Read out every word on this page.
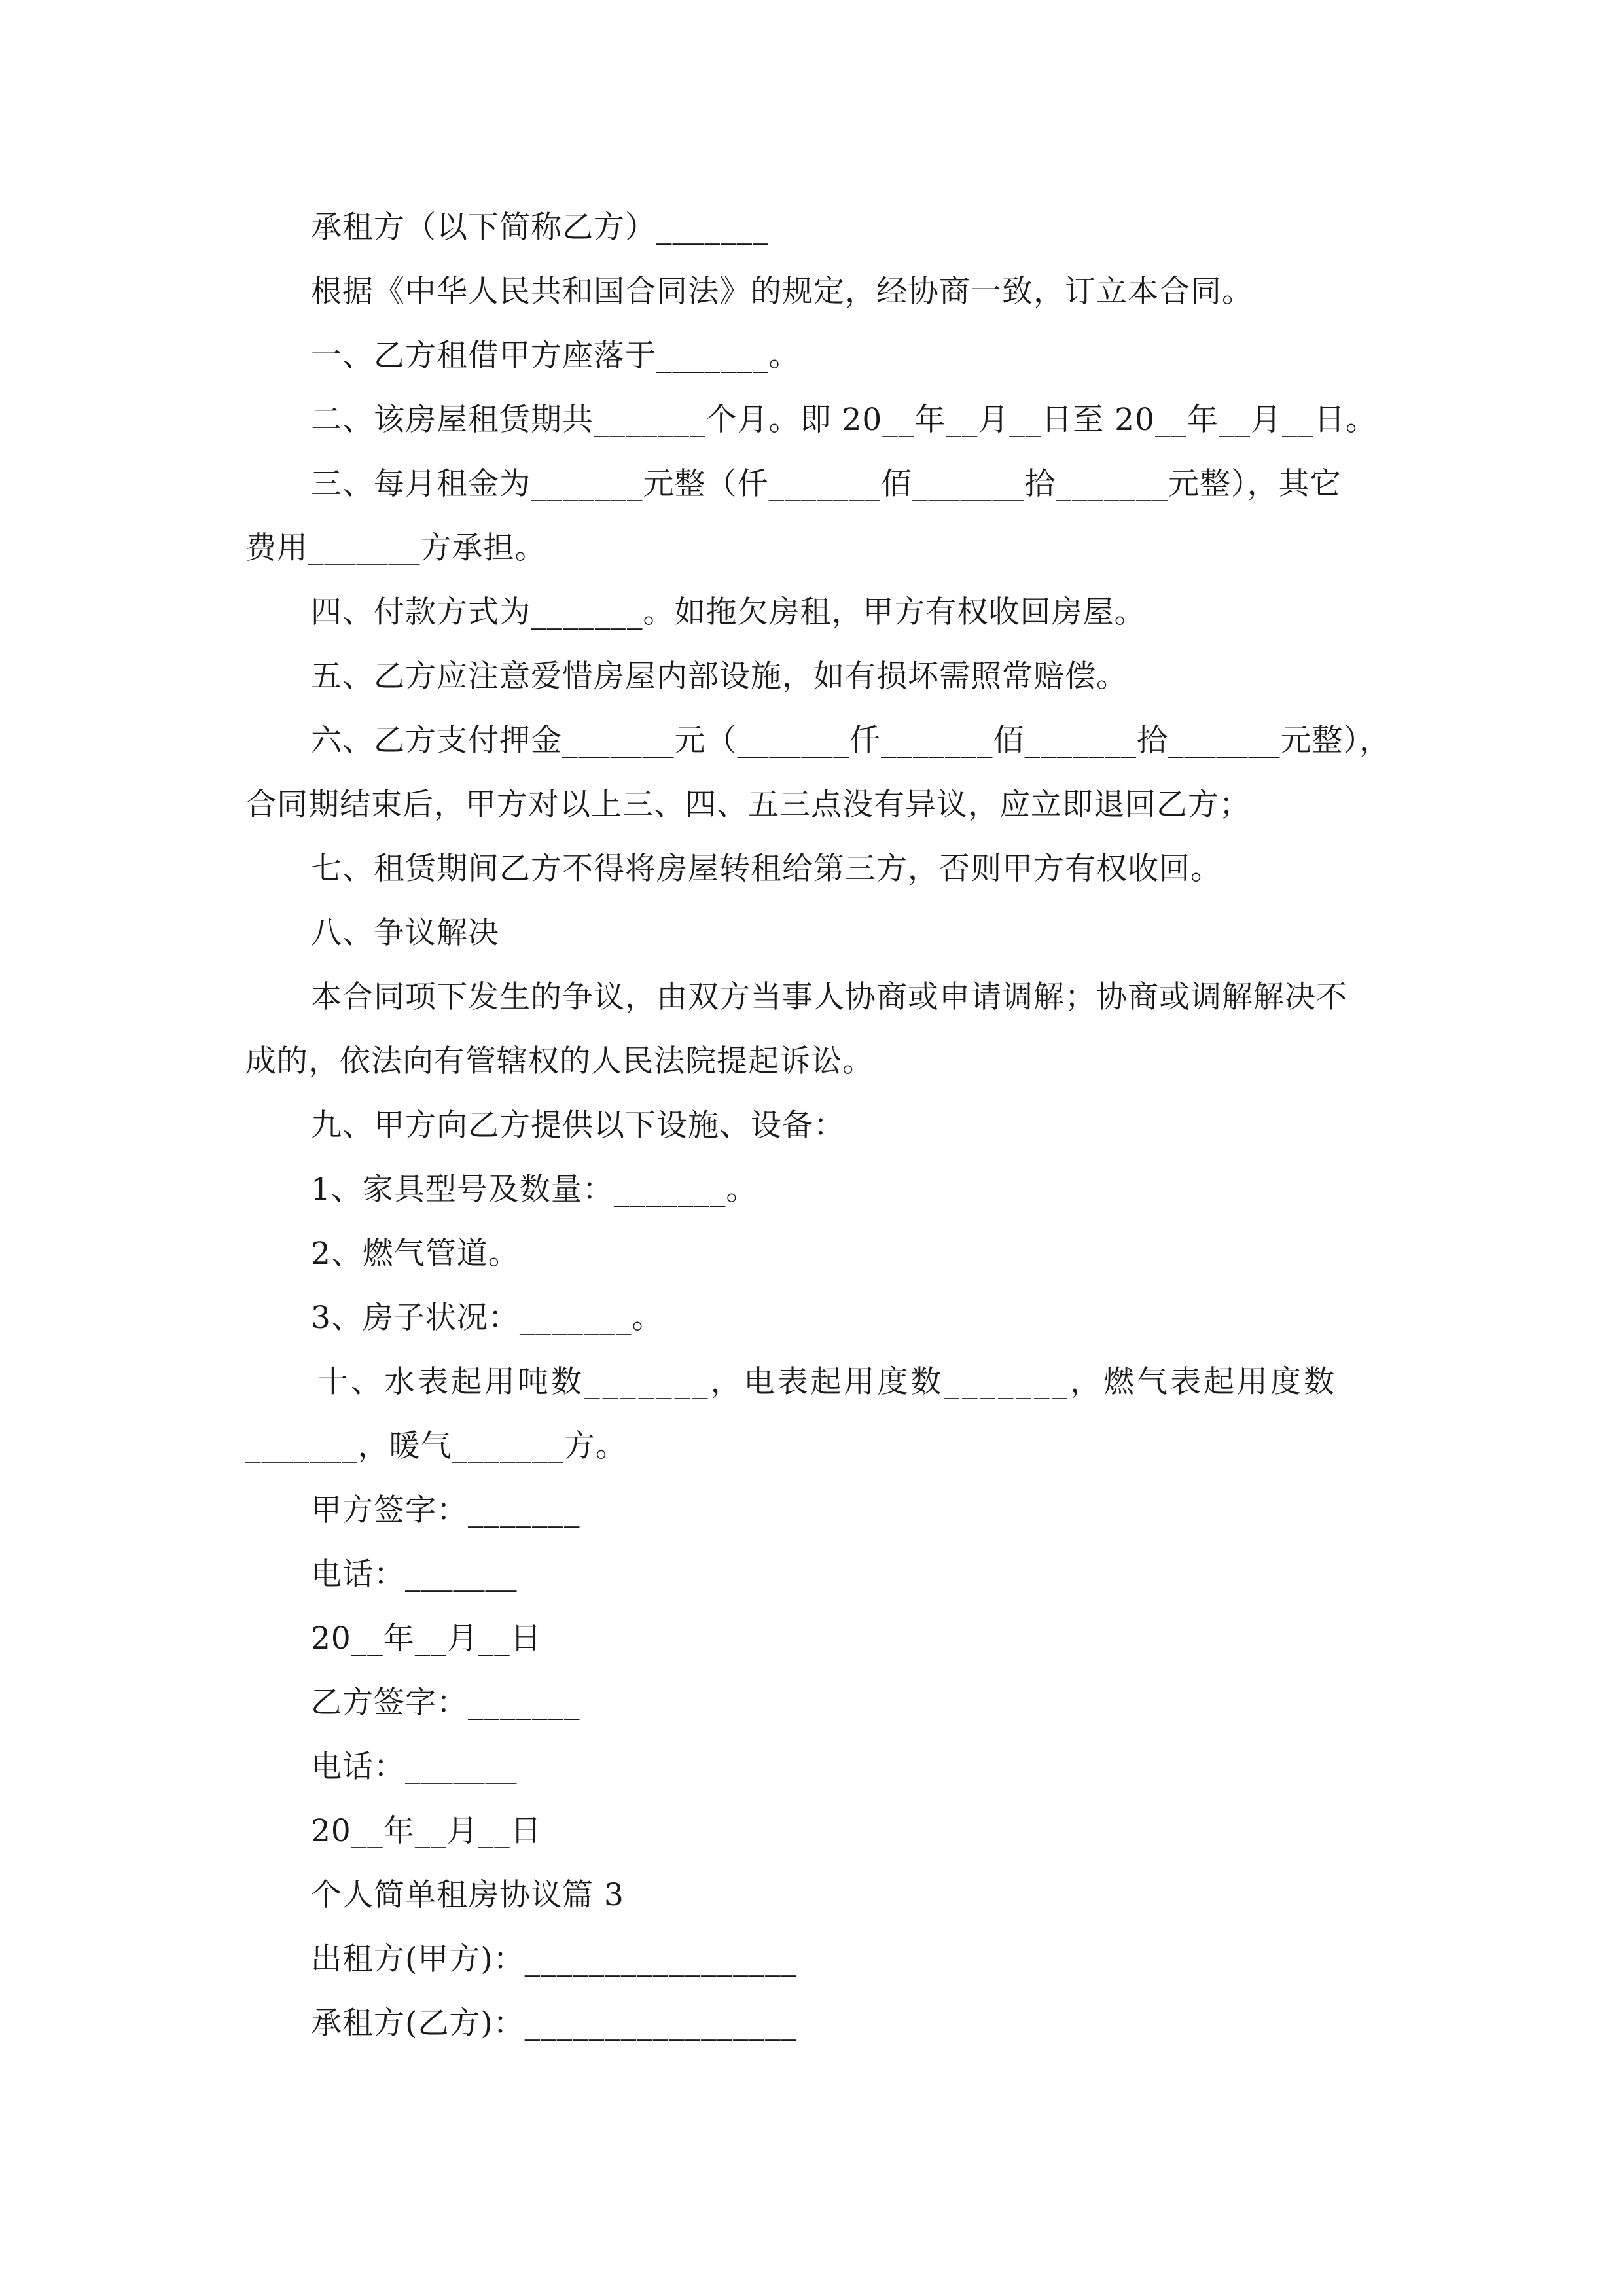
承租方（以下简称乙方）_______
根据《中华人民共和国合同法》的规定，经协商一致，订立本合同。
一、乙方租借甲方座落于_______。
二、该房屋租赁期共_______个月。即 20__年__月__日至 20__年__月__日。
三、每月租金为_______元整（仟_______佰_______拾_______元整），其它
费用_______方承担。
四、付款方式为_______。如拖欠房租，甲方有权收回房屋。
五、乙方应注意爱惜房屋内部设施，如有损坏需照常赔偿。
六、乙方支付押金_______元（_______仟_______佰_______拾_______元整），
合同期结束后，甲方对以上三、四、五三点没有异议，应立即退回乙方；
七、租赁期间乙方不得将房屋转租给第三方，否则甲方有权收回。
八、争议解决
本合同项下发生的争议，由双方当事人协商或申请调解；协商或调解解决不
成的，依法向有管辖权的人民法院提起诉讼。
九、甲方向乙方提供以下设施、设备：
1、家具型号及数量：_______。
2、燃气管道。
3、房子状况：_______。
十、水表起用吨数_______，电表起用度数_______，燃气表起用度数
_______，暖气_______方。
甲方签字：_______
电话：_______
20__年__月__日
乙方签字：_______
电话：_______
20__年__月__日
个人简单租房协议篇 3
出租方(甲方)：_________________
承租方(乙方)：_________________
